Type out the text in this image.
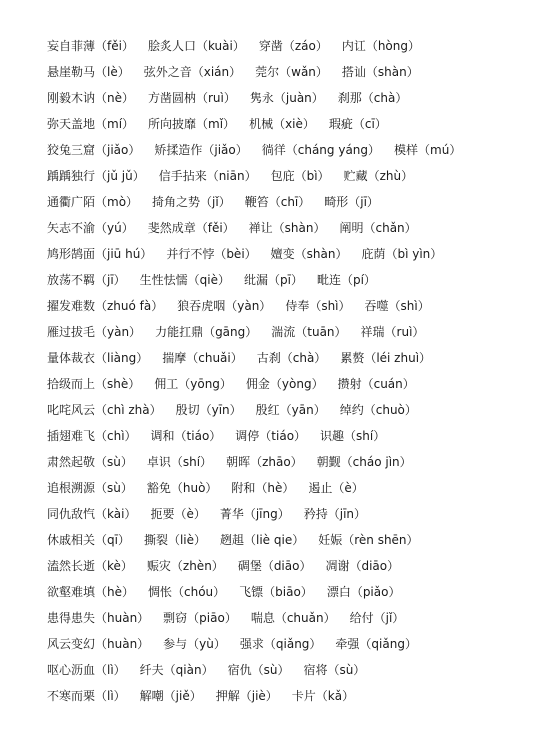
妄自菲薄（fěi） 脍炙人口（kuài） 穿凿（záo） 内讧（hòng）
悬崖勒马（lè） 弦外之音（xián） 莞尔（wǎn） 搭讪（shàn）
刚毅木讷（nè） 方凿圆枘（ruì） 隽永（juàn） 刹那（chà）
弥天盖地（mí） 所向披靡（mǐ） 机械（xiè） 瑕疵（cī）
狡兔三窟（jiǎo） 矫揉造作（jiǎo） 徜徉（cháng yáng） 模样（mú）
踽踽独行（jǔ jǔ） 信手拈来（niān） 包庇（bì） 贮藏（zhù）
通衢广陌（mò） 掎角之势（jǐ） 鞭笞（chī） 畸形（jī）
矢志不渝（yú） 斐然成章（fěi） 禅让（shàn） 阐明（chǎn）
鸠形鹄面（jiū hú） 并行不悖（bèi） 嬗变（shàn） 庇荫（bì yìn）
放荡不羁（jī） 生性怯懦（qiè） 纰漏（pī） 毗连（pí）
擢发难数（zhuó fà） 狼吞虎咽（yàn） 侍奉（shì） 吞噬（shì）
雁过拔毛（yàn） 力能扛鼎（gāng） 湍流（tuān） 祥瑞（ruì）
量体裁衣（liàng） 揣摩（chuǎi） 古刹（chà） 累赘（léi zhuì）
拾级而上（shè） 佣工（yōng） 佣金（yòng） 攒射（cuán）
叱咤风云（chì zhà） 殷切（yīn） 殷红（yān） 绰约（chuò）
插翅难飞（chì） 调和（tiáo） 调停（tiáo） 识趣（shí）
肃然起敬（sù） 卓识（shí） 朝晖（zhāo） 朝觐（cháo jìn）
追根溯源（sù） 豁免（huò） 附和（hè） 遏止（è）
同仇敌忾（kài） 扼要（è） 菁华（jīng） 矜持（jīn）
休戚相关（qī） 撕裂（liè） 趔趄（liè qie） 妊娠（rèn shēn）
溘然长逝（kè） 赈灾（zhèn） 碉堡（diāo） 凋谢（diāo）
欲壑难填（hè） 惆怅（chóu） 飞镖（biāo） 漂白（piǎo）
患得患失（huàn） 剽窃（piāo） 喘息（chuǎn） 给付（jǐ）
风云变幻（huàn） 参与（yù） 强求（qiǎng） 牵强（qiǎng）
呕心沥血（lì） 纤夫（qiàn） 宿仇（sù） 宿将（sù）
不寒而栗（lì） 解嘲（jiě） 押解（jiè） 卡片（kǎ）
